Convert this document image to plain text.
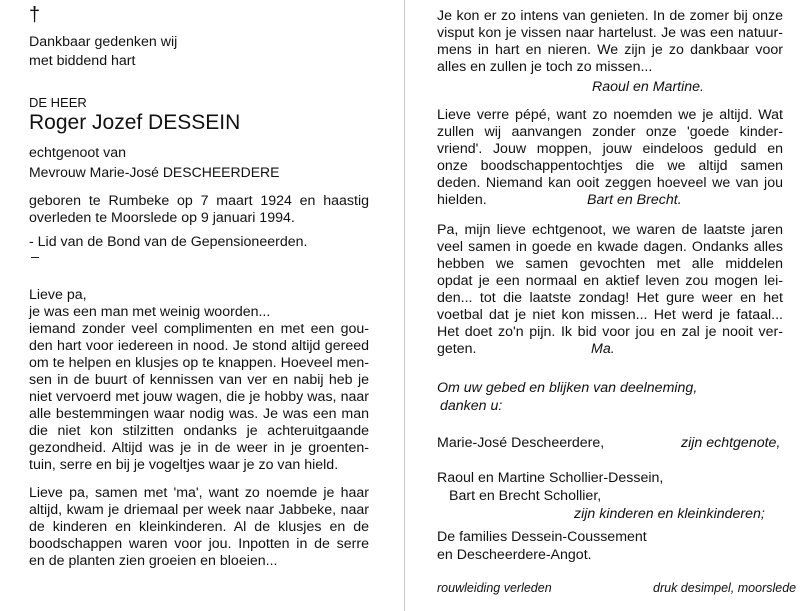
†
Dankbaar gedenken wij
met biddend hart
DE HEER
Roger Jozef DESSEIN
echtgenoot van
Mevrouw Marie-José DESCHEERDERE
geboren te Rumbeke op 7 maart 1924 en haastig
overleden te Moorslede op 9 januari 1994.
- Lid van de Bond van de Gepensioneerden.
Lieve pa,
je was een man met weinig woorden...
iemand zonder veel complimenten en met een gou-
den hart voor iedereen in nood. Je stond altijd gereed
om te helpen en klusjes op te knappen. Hoeveel men-
sen in de buurt of kennissen van ver en nabij heb je
niet vervoerd met jouw wagen, die je hobby was, naar
alle bestemmingen waar nodig was. Je was een man
die niet kon stilzitten ondanks je achteruitgaande
gezondheid. Altijd was je in de weer in je groenten-
tuin, serre en bij je vogeltjes waar je zo van hield.
Lieve pa, samen met 'ma', want zo noemde je haar
altijd, kwam je driemaal per week naar Jabbeke, naar
de kinderen en kleinkinderen. Al de klusjes en de
boodschappen waren voor jou. Inpotten in de serre
en de planten zien groeien en bloeien...
Je kon er zo intens van genieten. In de zomer bij onze
visput kon je vissen naar hartelust. Je was een natuur-
mens in hart en nieren. We zijn je zo dankbaar voor
alles en zullen je toch zo missen...
Raoul en Martine.
Lieve verre pépé, want zo noemden we je altijd. Wat
zullen wij aanvangen zonder onze 'goede kinder-
vriend'. Jouw moppen, jouw eindeloos geduld en
onze boodschappentochtjes die we altijd samen
deden. Niemand kan ooit zeggen hoeveel we van jou
hielden.	Bart en Brecht.
Pa, mijn lieve echtgenoot, we waren de laatste jaren
veel samen in goede en kwade dagen. Ondanks alles
hebben we samen gevochten met alle middelen
opdat je een normaal en aktief leven zou mogen lei-
den... tot die laatste zondag! Het gure weer en het
voetbal dat je niet kon missen... Het werd je fataal...
Het doet zo'n pijn. Ik bid voor jou en zal je nooit ver-
geten.	Ma.
Om uw gebed en blijken van deelneming,
danken u:
Marie-José Descheerdere,	zijn echtgenote,
Raoul en Martine Schollier-Dessein,
Bart en Brecht Schollier,
zijn kinderen en kleinkinderen;
De families Dessein-Coussement
en Descheerdere-Angot.
rouwleiding verleden	druk desimpel, moorslede
